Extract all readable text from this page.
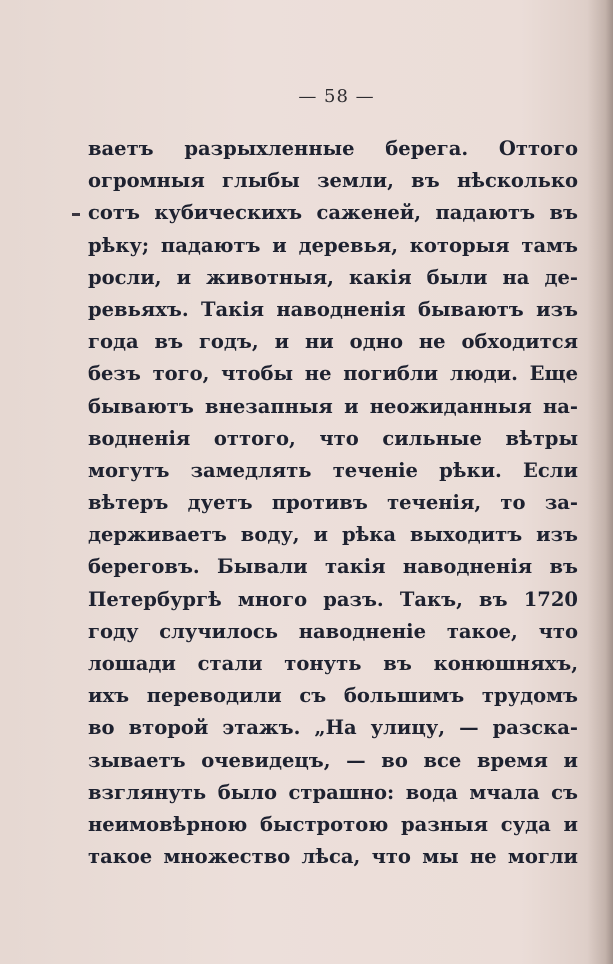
— 58 —
ваетъ разрыхленные берега. Оттого
огромныя глыбы земли, въ нѣсколько
сотъ кубическихъ саженей, падаютъ въ
рѣку; падаютъ и деревья, которыя тамъ
росли, и животныя, какія были на де-
ревьяхъ. Такія наводненія бываютъ изъ
года въ годъ, и ни одно не обходится
безъ того, чтобы не погибли люди. Еще
бываютъ внезапныя и неожиданныя на-
водненія оттого, что сильные вѣтры
могутъ замедлять теченіе рѣки. Если
вѣтеръ дуетъ противъ теченія, то за-
держиваетъ воду, и рѣка выходитъ изъ
береговъ. Бывали такія наводненія въ
Петербургѣ много разъ. Такъ, въ 1720
году случилось наводненіе такое, что
лошади стали тонуть въ конюшняхъ,
ихъ переводили съ большимъ трудомъ
во второй этажъ. „На улицу, — разска-
зываетъ очевидецъ, — во все время и
взглянуть было страшно: вода мчала съ
неимовѣрною быстротою разныя суда и
такое множество лѣса, что мы не могли
